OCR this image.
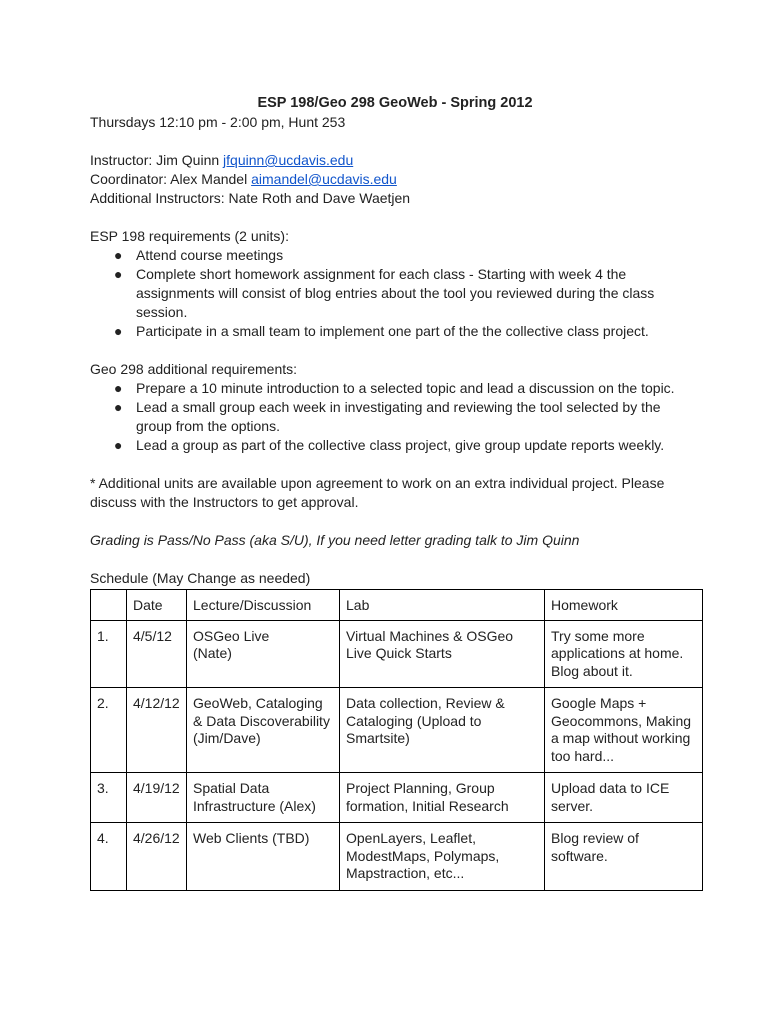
ESP 198/Geo 298 GeoWeb - Spring 2012

Thursdays 12:10 pm - 2:00 pm, Hunt 253

Instructor: Jim Quinn jfquinn@ucdavis.edu

Coordinator: Alex Mandel aimandel@ucdavis.edu

Additional Instructors: Nate Roth and Dave Waetjen

ESP 198 requirements (2 units):

● Attend course meetings
● Complete short homework assignment for each class - Starting with week 4 the assignments will consist of blog entries about the tool you reviewed during the class session.
● Participate in a small team to implement one part of the the collective class project.

Geo 298 additional requirements:

● Prepare a 10 minute introduction to a selected topic and lead a discussion on the topic.
● Lead a small group each week in investigating and reviewing the tool selected by the group from the options.
● Lead a group as part of the collective class project, give group update reports weekly.

* Additional units are available upon agreement to work on an extra individual project. Please discuss with the Instructors to get approval.

Grading is Pass/No Pass (aka S/U), If you need letter grading talk to Jim Quinn

Schedule (May Change as needed)

	Date	Lecture/Discussion	Lab	Homework
1.	4/5/12	OSGeo Live
(Nate)	Virtual Machines & OSGeo Live Quick Starts	Try some more applications at home. Blog about it.
2.	4/12/12	GeoWeb, Cataloging & Data Discoverability (Jim/Dave)	Data collection, Review & Cataloging (Upload to Smartsite)	Google Maps + Geocommons, Making a map without working too hard...
3.	4/19/12	Spatial Data Infrastructure (Alex)	Project Planning, Group formation, Initial Research	Upload data to ICE server.
4.	4/26/12	Web Clients (TBD)	OpenLayers, Leaflet, ModestMaps, Polymaps, Mapstraction, etc...	Blog review of software.
